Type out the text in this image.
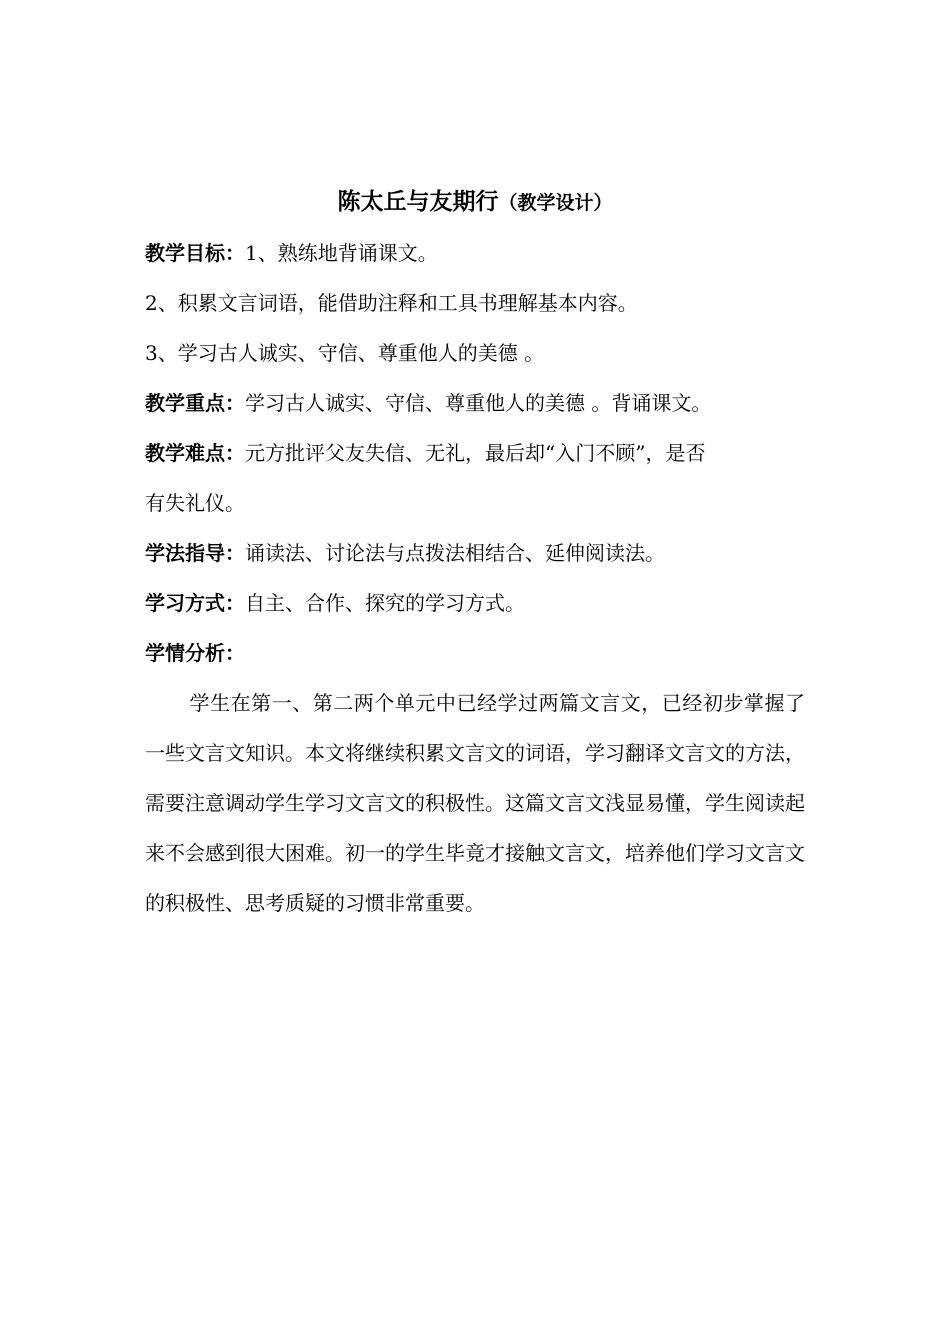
陈太丘与友期行（教学设计）

教学目标：1、熟练地背诵课文。

2、积累文言词语，能借助注释和工具书理解基本内容。

3、学习古人诚实、守信、尊重他人的美德 。

教学重点：学习古人诚实、守信、尊重他人的美德 。背诵课文。

教学难点：元方批评父友失信、无礼，最后却“入门不顾”，是否

有失礼仪。

学法指导：诵读法、讨论法与点拨法相结合、延伸阅读法。

学习方式：自主、合作、探究的学习方式。

学情分析：

学生在第一、第二两个单元中已经学过两篇文言文，已经初步掌握了一些文言文知识。本文将继续积累文言文的词语，学习翻译文言文的方法，需要注意调动学生学习文言文的积极性。这篇文言文浅显易懂，学生阅读起来不会感到很大困难。初一的学生毕竟才接触文言文，培养他们学习文言文的积极性、思考质疑的习惯非常重要。
